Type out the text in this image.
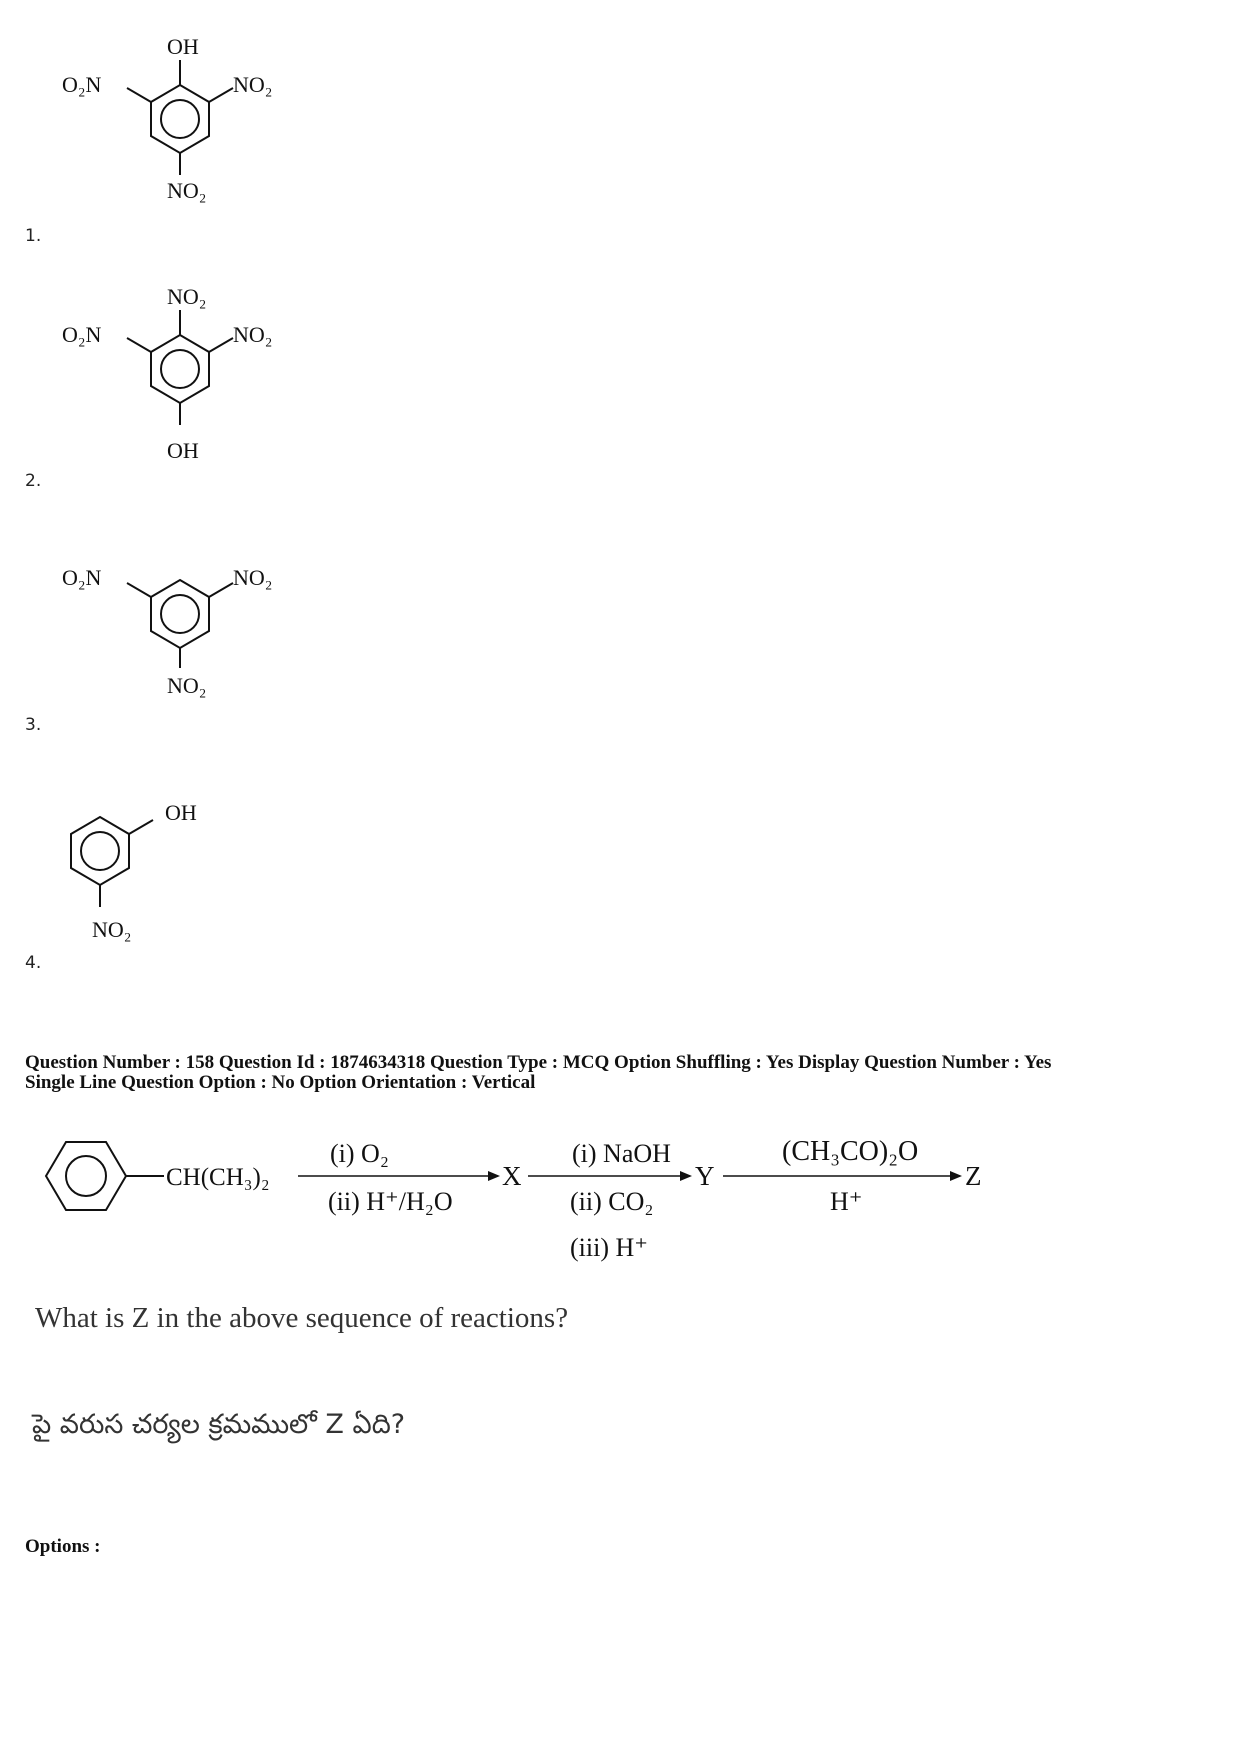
OH
O₂N	NO₂
NO₂
1.
NO₂
O₂N	NO₂
OH
2.
O₂N	NO₂
NO₂
3.
OH
NO₂
4.
Question Number : 158 Question Id : 1874634318 Question Type : MCQ Option Shuffling : Yes Display Question Number : Yes
Single Line Question Option : No Option Orientation : Vertical
CH(CH₃)₂
(i) O₂
(ii) H⁺/H₂O
X
(i) NaOH
(ii) CO₂
(iii) H⁺
Y
(CH₃CO)₂O
H⁺
Z
What is Z in the above sequence of reactions?
పై వరుస చర్యల క్రమములో Z ఏది?
Options :
